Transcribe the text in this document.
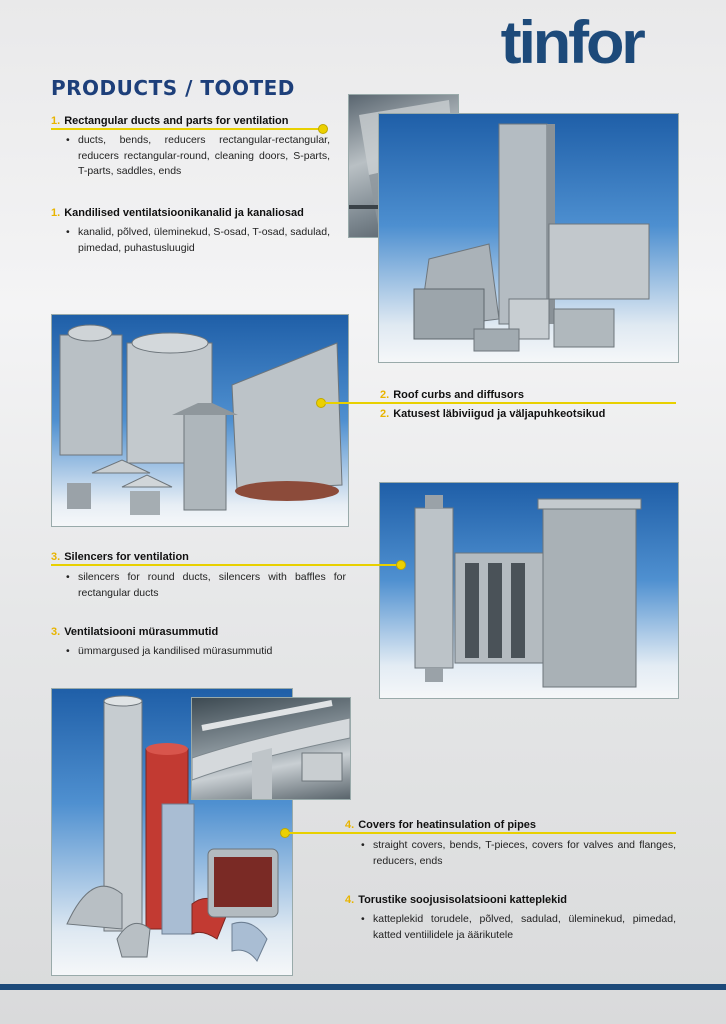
tinfor
PRODUCTS / TOOTED
1. Rectangular ducts and parts for ventilation
• ducts, bends, reducers rectangular-rectangular, reducers rectangular-round, cleaning doors, S-parts, T-parts, saddles, ends
1. Kandilised ventilatsioonikanalid ja kanaliosad
• kanalid, põlved, üleminekud, S-osad, T-osad, sadulad, pimedad, puhastusluugid
2. Roof curbs and diffusors
2. Katusest läbiviigud ja väljapuhkeotsikud
3. Silencers for ventilation
• silencers for round ducts, silencers with baffles for rectangular ducts
3. Ventilatsiooni mürasummutid
• ümmargused ja kandilised mürasummutid
4. Covers for heatinsulation of pipes
• straight covers, bends, T-pieces, covers for valves and flanges, reducers, ends
4. Torustike soojusisolatsiooni katteplekid
• katteplekid torudele, põlved, sadulad, üleminekud, pimedad, katted ventiilidele ja äärikutele
